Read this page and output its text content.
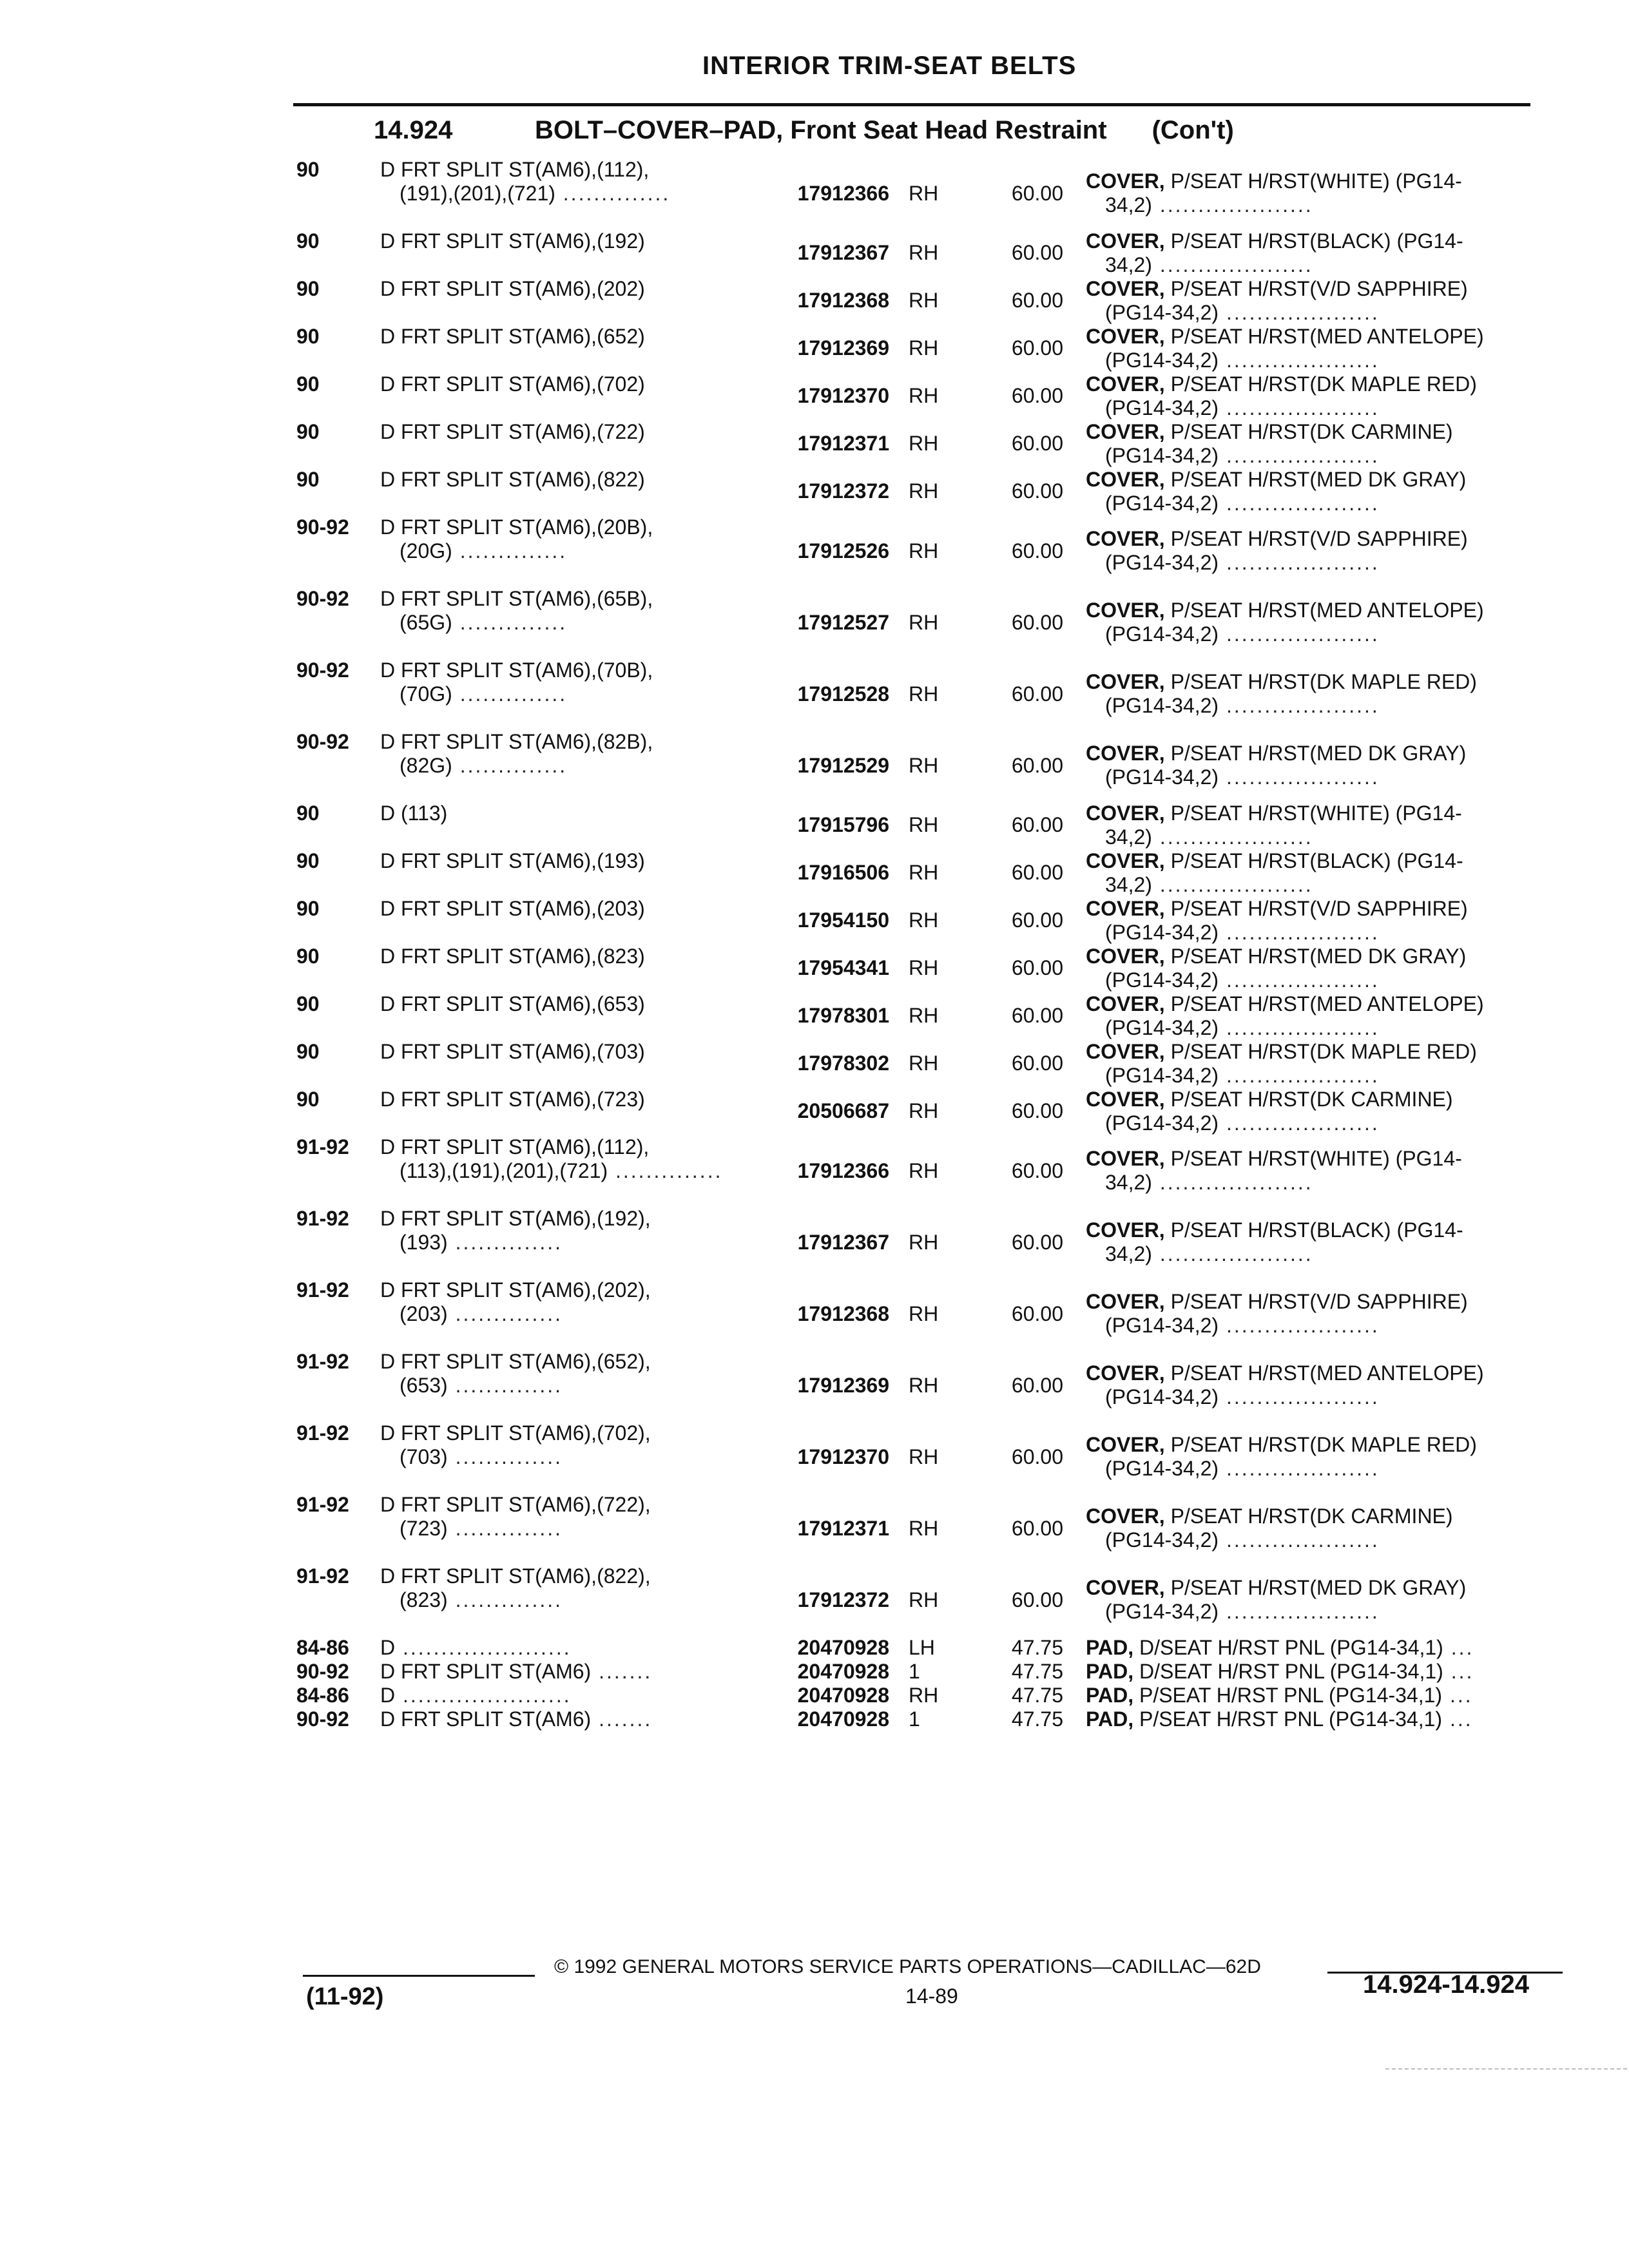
INTERIOR TRIM-SEAT BELTS
14.924	BOLT–COVER–PAD, Front Seat Head Restraint (Con't)
90	D FRT SPLIT ST(AM6),(112),
(191),(201),(721) ..............	17912366 RH	60.00
COVER, P/SEAT H/RST(WHITE) (PG14-
34,2) ....................
90	D FRT SPLIT ST(AM6),(192)	17912367 RH	60.00 COVER, P/SEAT H/RST(BLACK) (PG14-
34,2) ....................
90	D FRT SPLIT ST(AM6),(202)	17912368 RH	60.00 COVER, P/SEAT H/RST(V/D SAPPHIRE)
(PG14-34,2) ....................
90	D FRT SPLIT ST(AM6),(652)	17912369 RH	60.00 COVER, P/SEAT H/RST(MED ANTELOPE)
(PG14-34,2) ....................
90	D FRT SPLIT ST(AM6),(702)	17912370 RH	60.00 COVER, P/SEAT H/RST(DK MAPLE RED)
(PG14-34,2) ....................
90	D FRT SPLIT ST(AM6),(722)	17912371 RH	60.00 COVER, P/SEAT H/RST(DK CARMINE)
(PG14-34,2) ....................
90	D FRT SPLIT ST(AM6),(822)	17912372 RH	60.00 COVER, P/SEAT H/RST(MED DK GRAY)
(PG14-34,2) ....................
90-92	D FRT SPLIT ST(AM6),(20B),
(20G) ..............	17912526 RH	60.00
COVER, P/SEAT H/RST(V/D SAPPHIRE)
(PG14-34,2) ....................
90-92	D FRT SPLIT ST(AM6),(65B),
(65G) ..............	17912527 RH	60.00
COVER, P/SEAT H/RST(MED ANTELOPE)
(PG14-34,2) ....................
90-92	D FRT SPLIT ST(AM6),(70B),
(70G) ..............	17912528 RH	60.00
COVER, P/SEAT H/RST(DK MAPLE RED)
(PG14-34,2) ....................
90-92	D FRT SPLIT ST(AM6),(82B),
(82G) ..............	17912529 RH	60.00
COVER, P/SEAT H/RST(MED DK GRAY)
(PG14-34,2) ....................
90	D (113)	17915796 RH	60.00 COVER, P/SEAT H/RST(WHITE) (PG14-
34,2) ....................
90	D FRT SPLIT ST(AM6),(193)	17916506 RH	60.00 COVER, P/SEAT H/RST(BLACK) (PG14-
34,2) ....................
90	D FRT SPLIT ST(AM6),(203)	17954150 RH	60.00 COVER, P/SEAT H/RST(V/D SAPPHIRE)
(PG14-34,2) ....................
90	D FRT SPLIT ST(AM6),(823)	17954341 RH	60.00 COVER, P/SEAT H/RST(MED DK GRAY)
(PG14-34,2) ....................
90	D FRT SPLIT ST(AM6),(653)	17978301 RH	60.00 COVER, P/SEAT H/RST(MED ANTELOPE)
(PG14-34,2) ....................
90	D FRT SPLIT ST(AM6),(703)	17978302 RH	60.00 COVER, P/SEAT H/RST(DK MAPLE RED)
(PG14-34,2) ....................
90	D FRT SPLIT ST(AM6),(723)	20506687 RH	60.00 COVER, P/SEAT H/RST(DK CARMINE)
(PG14-34,2) ....................
91-92	D FRT SPLIT ST(AM6),(112),
(113),(191),(201),(721) ..............	17912366 RH	60.00
COVER, P/SEAT H/RST(WHITE) (PG14-
34,2) ....................
91-92	D FRT SPLIT ST(AM6),(192),
(193) ..............	17912367 RH	60.00
COVER, P/SEAT H/RST(BLACK) (PG14-
34,2) ....................
91-92	D FRT SPLIT ST(AM6),(202),
(203) ..............	17912368 RH	60.00
COVER, P/SEAT H/RST(V/D SAPPHIRE)
(PG14-34,2) ....................
91-92	D FRT SPLIT ST(AM6),(652),
(653) ..............	17912369 RH	60.00
COVER, P/SEAT H/RST(MED ANTELOPE)
(PG14-34,2) ....................
91-92	D FRT SPLIT ST(AM6),(702),
(703) ..............	17912370 RH	60.00
COVER, P/SEAT H/RST(DK MAPLE RED)
(PG14-34,2) ....................
91-92	D FRT SPLIT ST(AM6),(722),
(723) ..............	17912371 RH	60.00
COVER, P/SEAT H/RST(DK CARMINE)
(PG14-34,2) ....................
91-92	D FRT SPLIT ST(AM6),(822),
(823) ..............	17912372 RH	60.00
COVER, P/SEAT H/RST(MED DK GRAY)
(PG14-34,2) ....................
84-86	D ......................	20470928 LH	47.75 PAD, D/SEAT H/RST PNL (PG14-34,1) ...
90-92	D FRT SPLIT ST(AM6) .......	20470928 1	47.75 PAD, D/SEAT H/RST PNL (PG14-34,1) ...
84-86	D ......................	20470928 RH	47.75 PAD, P/SEAT H/RST PNL (PG14-34,1) ...
90-92	D FRT SPLIT ST(AM6) .......	20470928 1	47.75 PAD, P/SEAT H/RST PNL (PG14-34,1) ...
© 1992 GENERAL MOTORS SERVICE PARTS OPERATIONS—CADILLAC—62D
(11-92)	14-89	14.924-14.924
